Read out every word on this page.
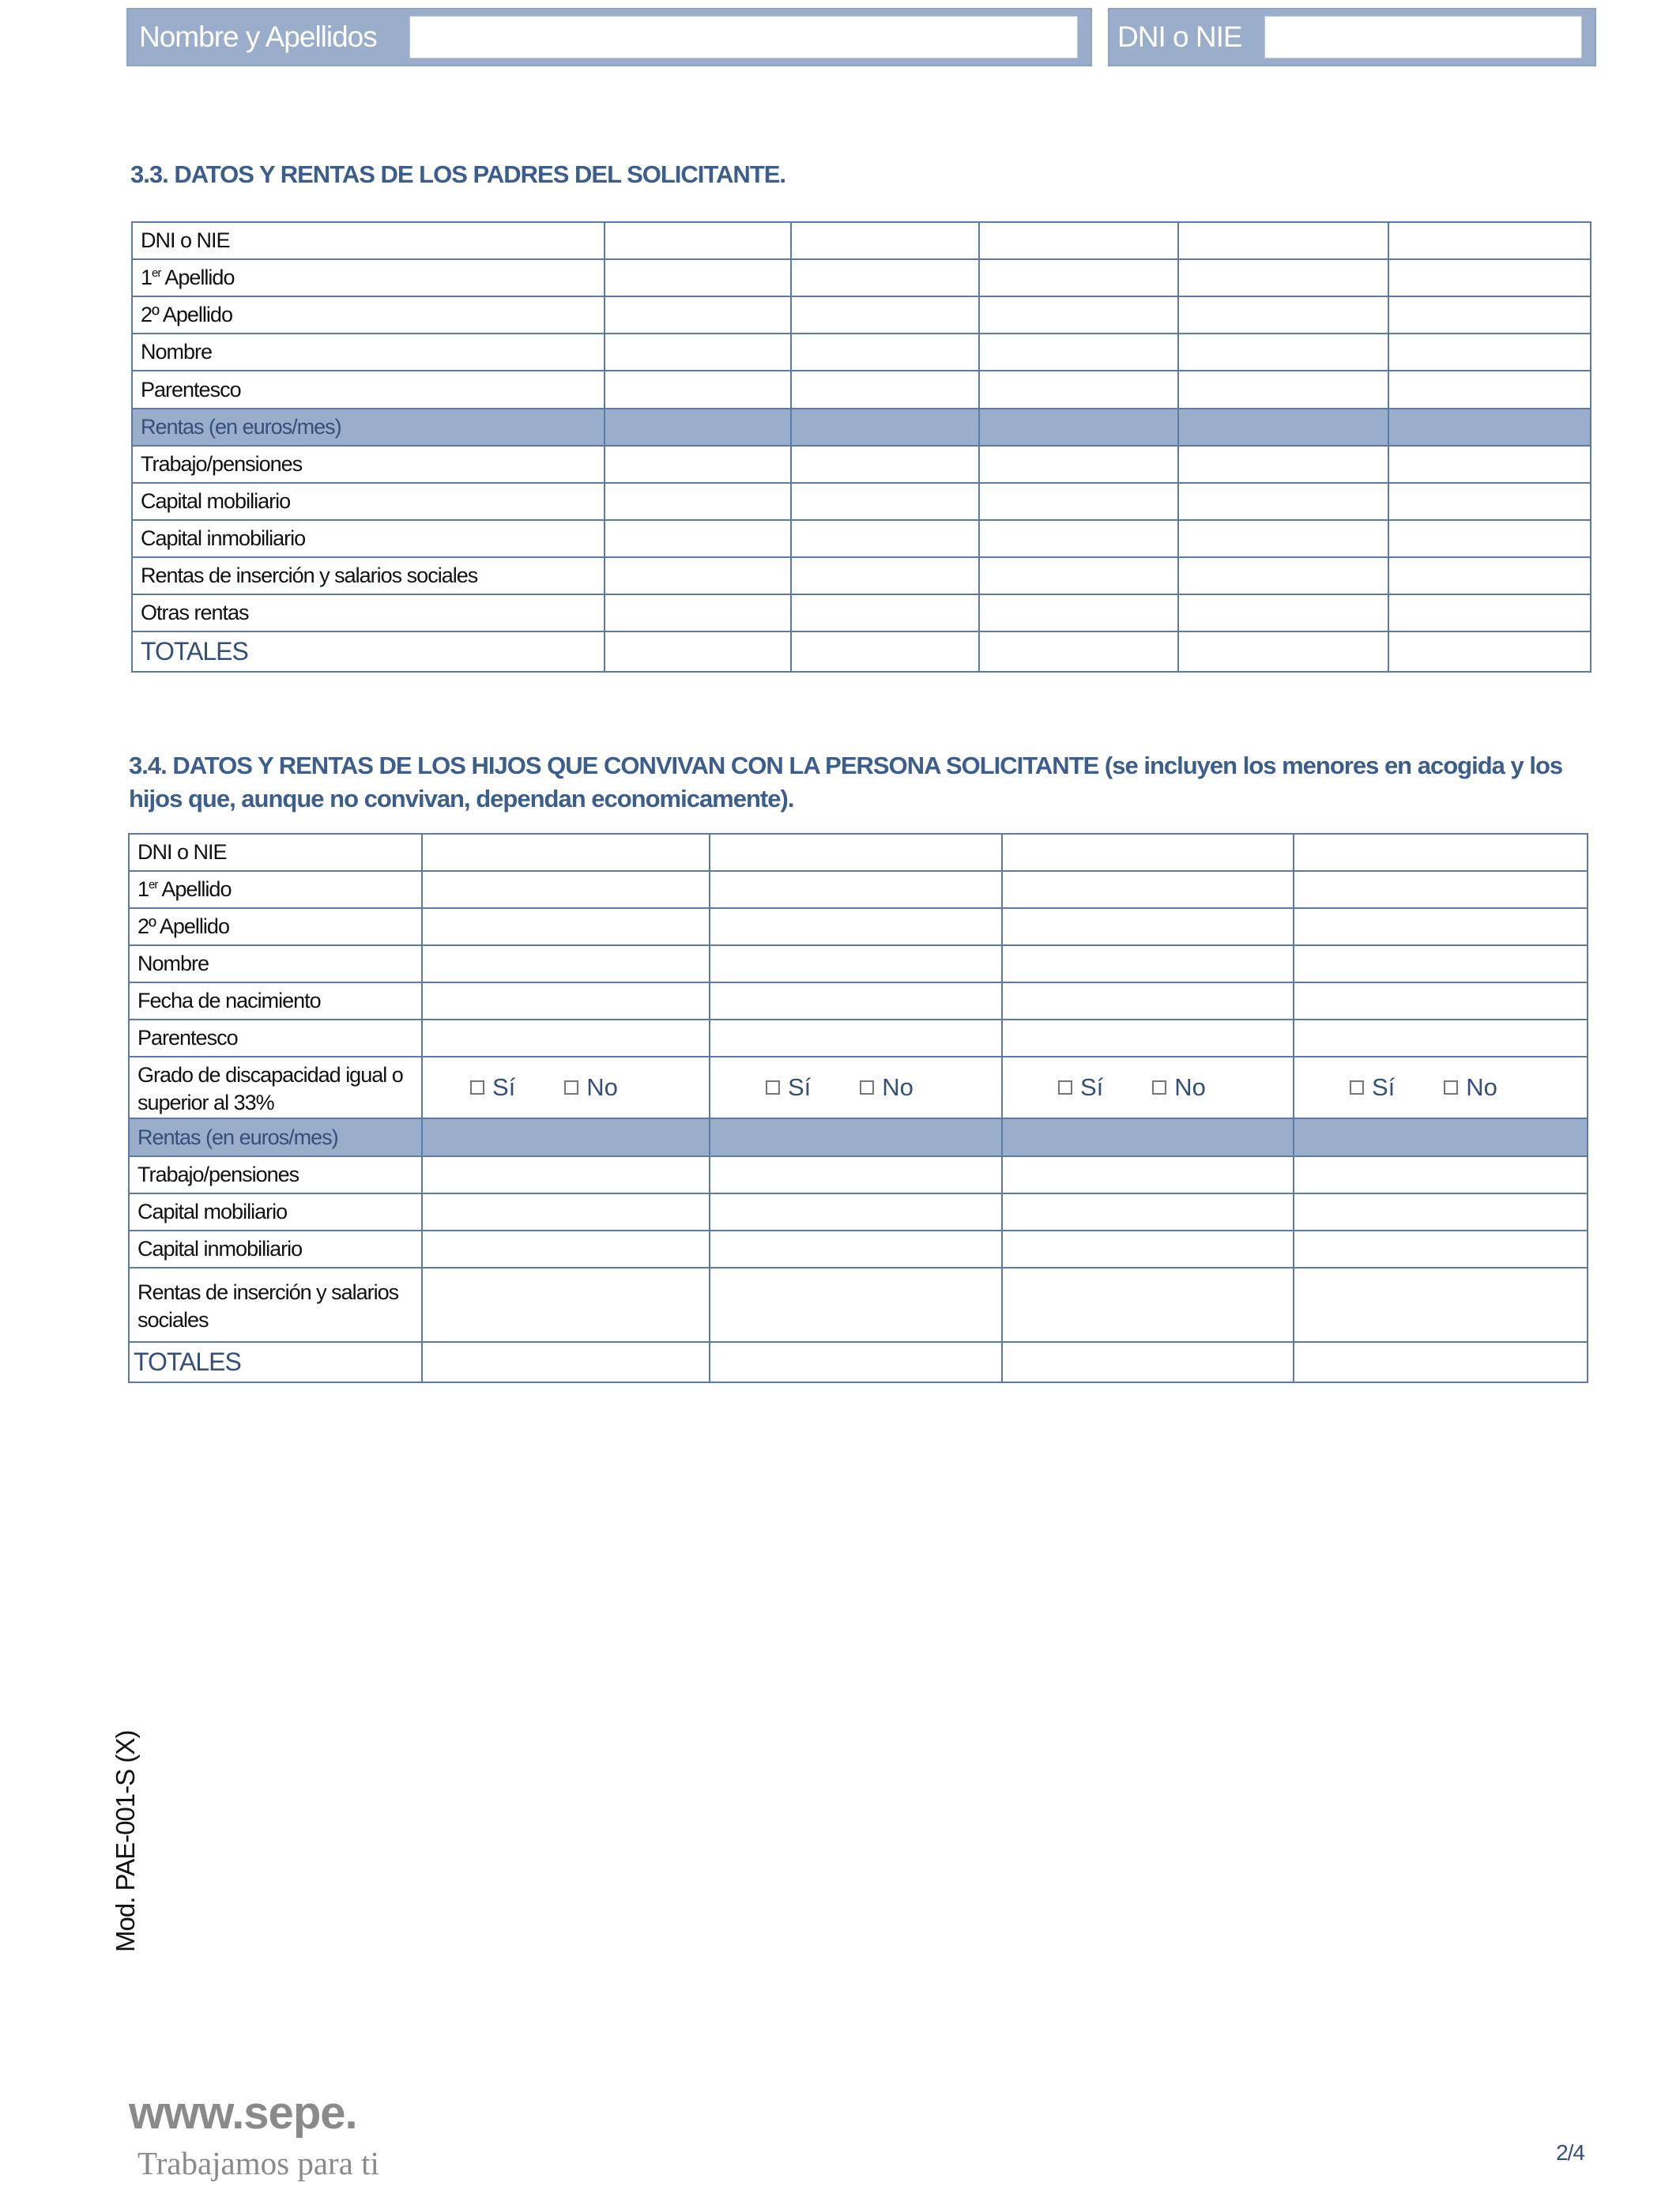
Nombre y Apellidos	DNI o NIE
3.3. DATOS Y RENTAS DE LOS PADRES DEL SOLICITANTE.
DNI o NIE					
1er Apellido					
2º Apellido					
Nombre					
Parentesco					
Rentas (en euros/mes)					
Trabajo/pensiones					
Capital mobiliario					
Capital inmobiliario					
Rentas de inserción y salarios sociales					
Otras rentas					
TOTALES					
3.4. DATOS Y RENTAS DE LOS HIJOS QUE CONVIVAN CON LA PERSONA SOLICITANTE (se incluyen los menores en acogida y los hijos que, aunque no convivan, dependan economicamente).
DNI o NIE				
1er Apellido				
2º Apellido				
Nombre				
Fecha de nacimiento				
Parentesco				
Grado de discapacidad igual o superior al 33%	Sí No	Sí No	Sí No	Sí No

Rentas (en euros/mes)				
Trabajo/pensiones				
Capital mobiliario				
Capital inmobiliario				
Rentas de inserción y salarios sociales				
TOTALES				
Mod. PAE-001-S (X)
www.sepe.
Trabajamos para ti	2/4
